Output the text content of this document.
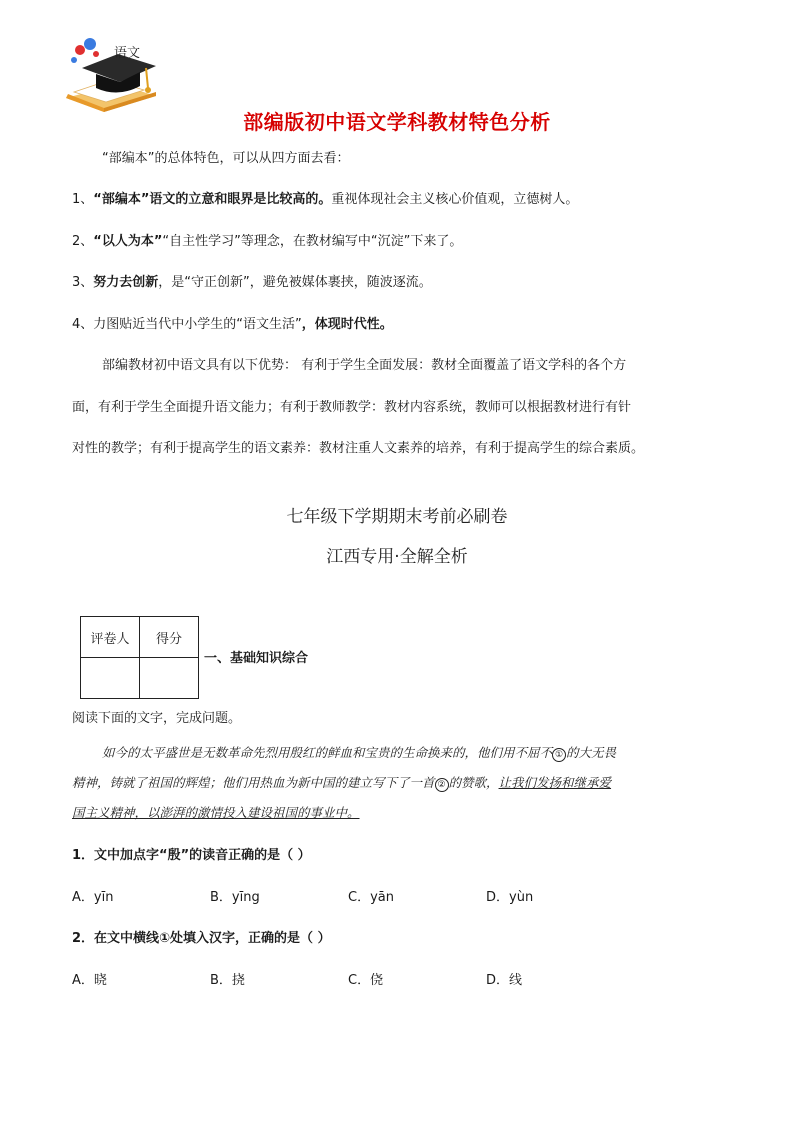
语文
部编版初中语文学科教材特色分析
“部编本”的总体特色，可以从四方面去看：
1、“部编本”语文的立意和眼界是比较高的。重视体现社会主义核心价值观，立德树人。
2、“以人为本”“自主性学习”等理念，在教材编写中“沉淀”下来了。
3、努力去创新，是“守正创新”，避免被媒体裹挟，随波逐流。
4、力图贴近当代中小学生的“语文生活”，体现时代性。
部编教材初中语文具有以下优势： 有利于学生全面发展：教材全面覆盖了语文学科的各个方
面，有利于学生全面提升语文能力；有利于教师教学：教材内容系统，教师可以根据教材进行有针
对性的教学；有利于提高学生的语文素养：教材注重人文素养的培养，有利于提高学生的综合素质。
七年级下学期期末考前必刷卷
江西专用·全解全析
评卷人	得分

一、基础知识综合
阅读下面的文字，完成问题。
如今的太平盛世是无数革命先烈用殷红的鲜血和宝贵的生命换来的，他们用不屈不 ① 的大无畏
精神，铸就了祖国的辉煌；他们用热血为新中国的建立写下了一首 ② 的赞歌，让我们发扬和继承爱
国主义精神，以澎湃的激情投入建设祖国的事业中。
1．文中加点字“殷”的读音正确的是（ ）
A．yīn	B．yīng	C．yān	D．yùn
2．在文中横线①处填入汉字，正确的是（ ）
A．晓	B．挠	C．侥	D．线
